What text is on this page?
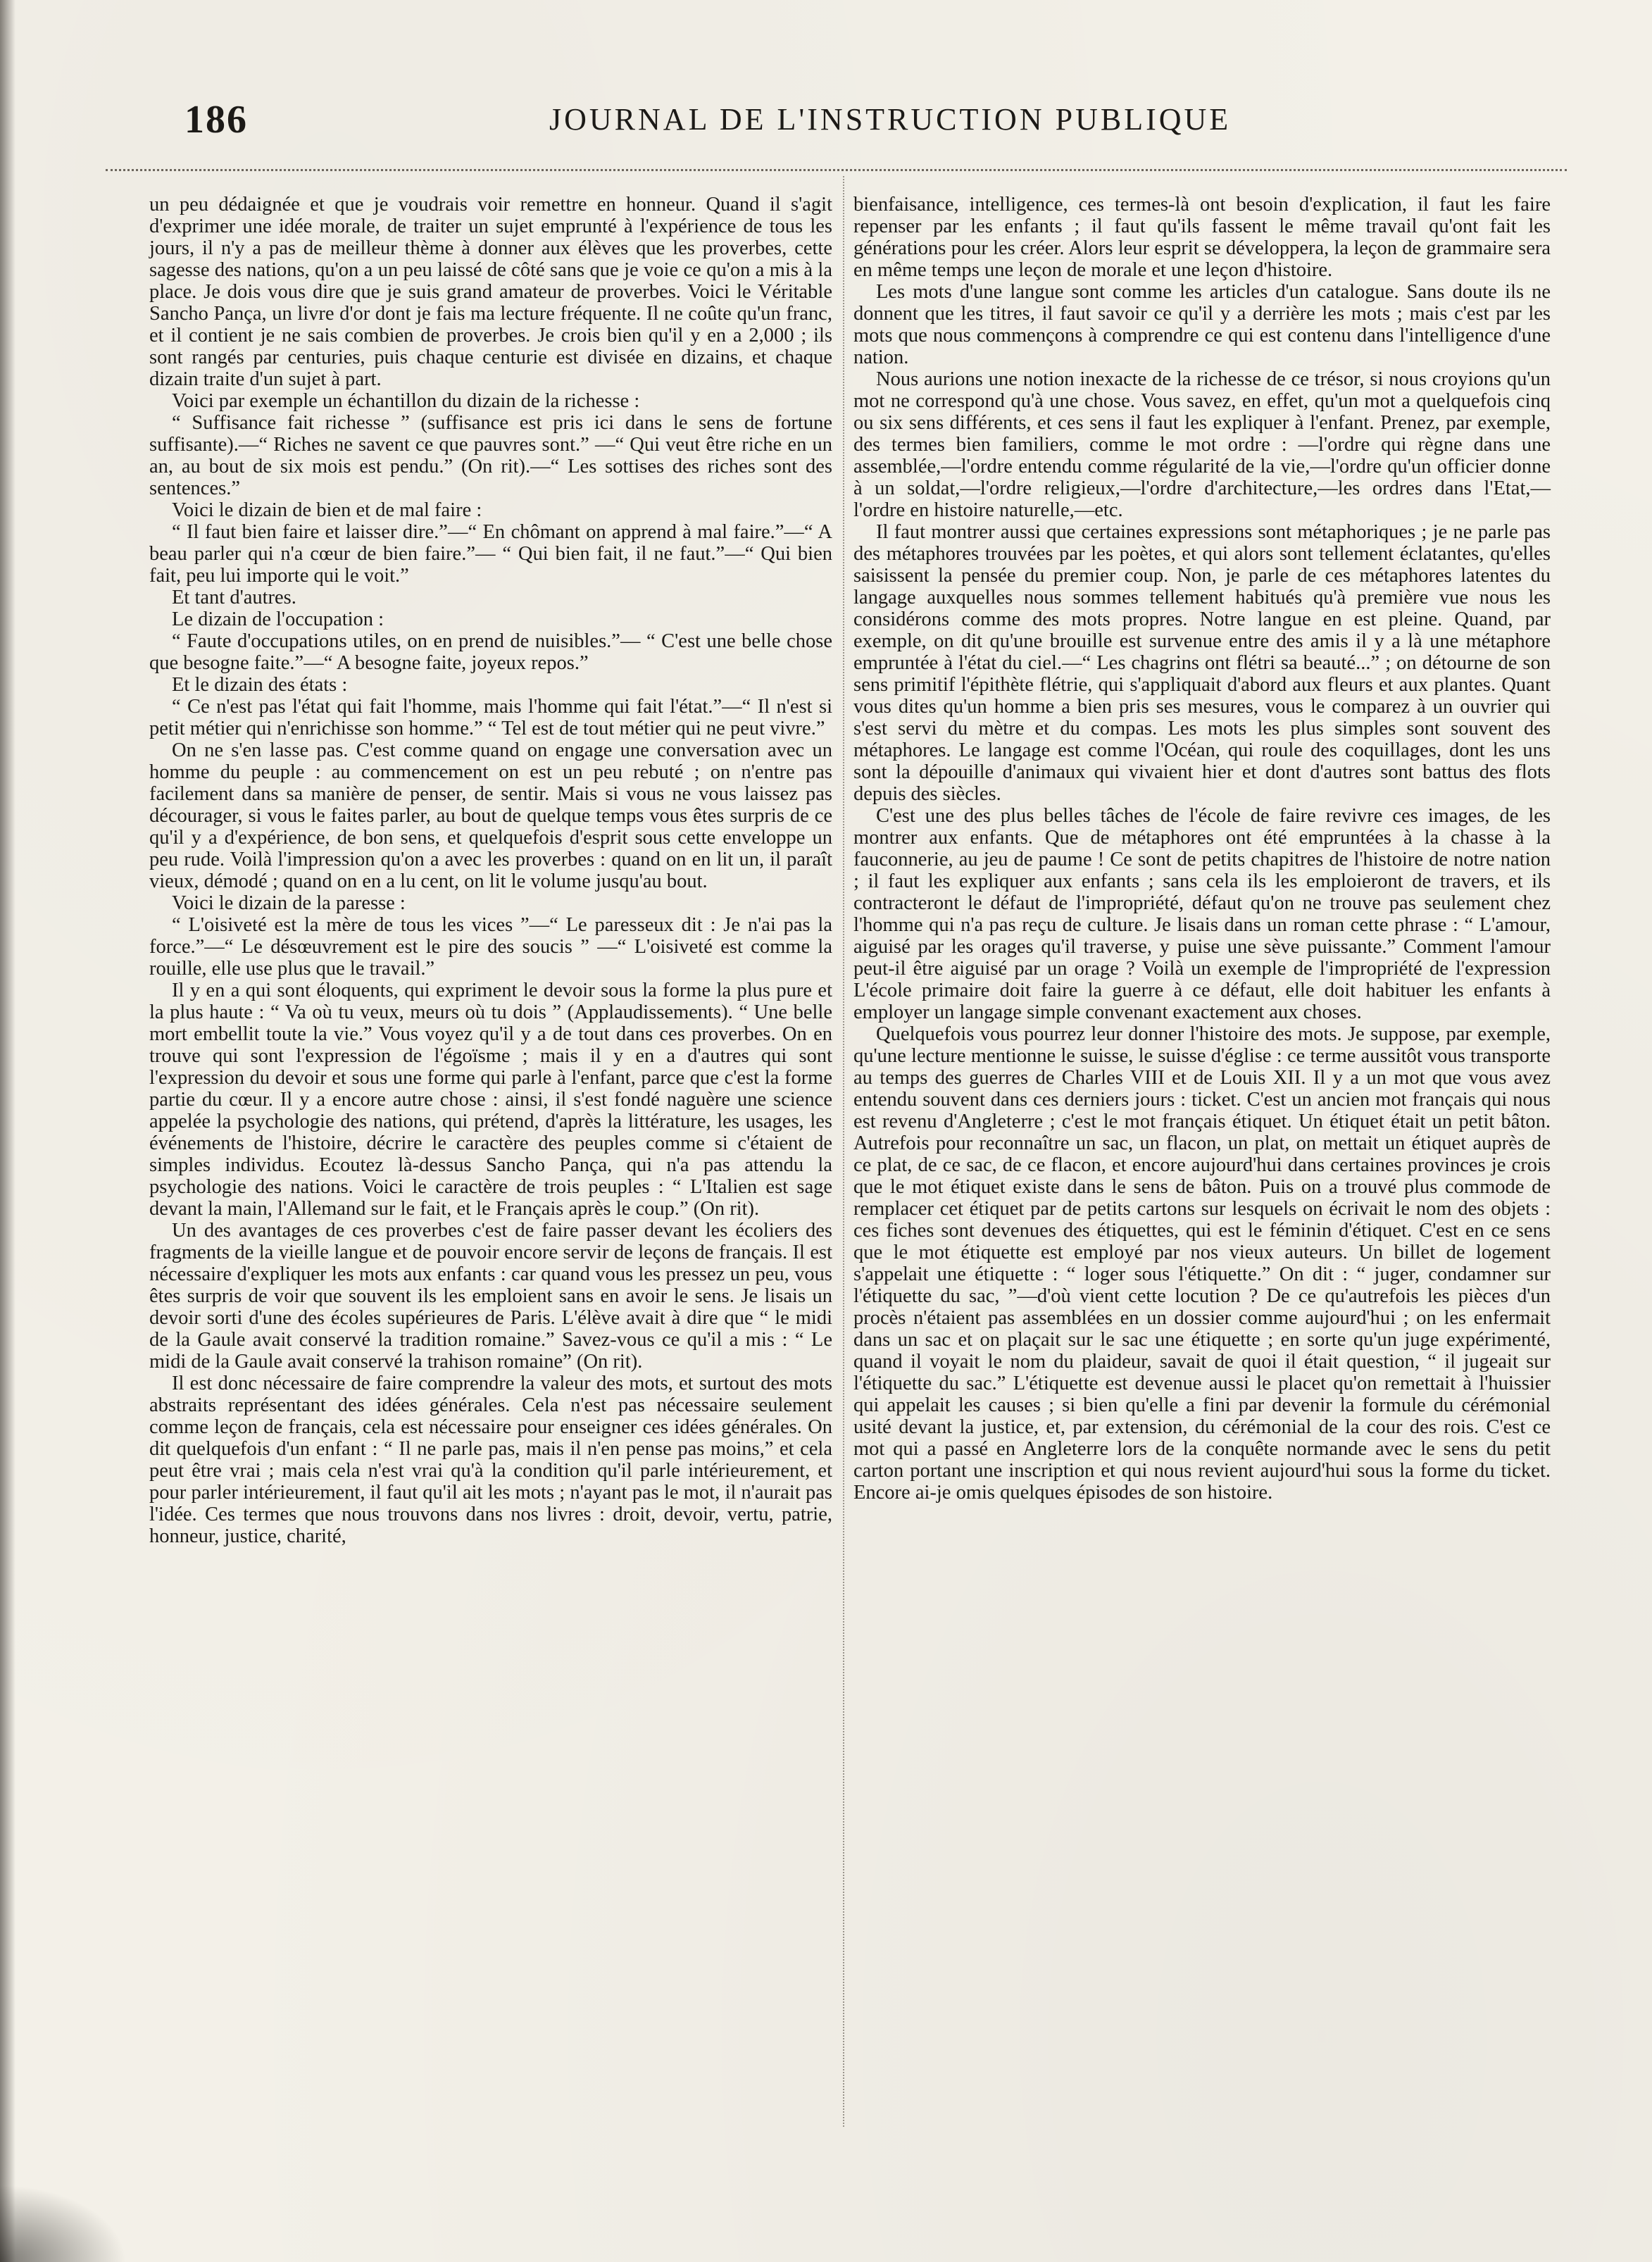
186	JOURNAL DE L'INSTRUCTION PUBLIQUE

un peu dédaignée et que je voudrais voir remettre en honneur. Quand il s'agit d'exprimer une idée morale, de traiter un sujet emprunté à l'expérience de tous les jours, il n'y a pas de meilleur thème à donner aux élèves que les proverbes, cette sagesse des nations, qu'on a un peu laissé de côté sans que je voie ce qu'on a mis à la place. Je dois vous dire que je suis grand amateur de proverbes. Voici le Véritable Sancho Pança, un livre d'or dont je fais ma lecture fréquente. Il ne coûte qu'un franc, et il contient je ne sais combien de proverbes. Je crois bien qu'il y en a 2,000 ; ils sont rangés par centuries, puis chaque centurie est divisée en dizains, et chaque dizain traite d'un sujet à part.

Voici par exemple un échantillon du dizain de la richesse :

“ Suffisance fait richesse ” (suffisance est pris ici dans le sens de fortune suffisante).—“ Riches ne savent ce que pauvres sont.” —“ Qui veut être riche en un an, au bout de six mois est pendu.” (On rit).—“ Les sottises des riches sont des sentences.”

Voici le dizain de bien et de mal faire :

“ Il faut bien faire et laisser dire.”—“ En chômant on apprend à mal faire.”—“ A beau parler qui n'a cœur de bien faire.”— “ Qui bien fait, il ne faut.”—“ Qui bien fait, peu lui importe qui le voit.”

Et tant d'autres.

Le dizain de l'occupation :

“ Faute d'occupations utiles, on en prend de nuisibles.”— “ C'est une belle chose que besogne faite.”—“ A besogne faite, joyeux repos.”

Et le dizain des états :

“ Ce n'est pas l'état qui fait l'homme, mais l'homme qui fait l'état.”—“ Il n'est si petit métier qui n'enrichisse son homme.” “ Tel est de tout métier qui ne peut vivre.”

On ne s'en lasse pas. C'est comme quand on engage une conversation avec un homme du peuple : au commencement on est un peu rebuté ; on n'entre pas facilement dans sa manière de penser, de sentir. Mais si vous ne vous laissez pas décourager, si vous le faites parler, au bout de quelque temps vous êtes surpris de ce qu'il y a d'expérience, de bon sens, et quelquefois d'esprit sous cette enveloppe un peu rude. Voilà l'impression qu'on a avec les proverbes : quand on en lit un, il paraît vieux, démodé ; quand on en a lu cent, on lit le volume jusqu'au bout.

Voici le dizain de la paresse :

“ L'oisiveté est la mère de tous les vices ”—“ Le paresseux dit : Je n'ai pas la force.”—“ Le désœuvrement est le pire des soucis ” —“ L'oisiveté est comme la rouille, elle use plus que le travail.”

Il y en a qui sont éloquents, qui expriment le devoir sous la forme la plus pure et la plus haute : “ Va où tu veux, meurs où tu dois ” (Applaudissements). “ Une belle mort embellit toute la vie.” Vous voyez qu'il y a de tout dans ces proverbes. On en trouve qui sont l'expression de l'égoïsme ; mais il y en a d'autres qui sont l'expression du devoir et sous une forme qui parle à l'enfant, parce que c'est la forme partie du cœur. Il y a encore autre chose : ainsi, il s'est fondé naguère une science appelée la psychologie des nations, qui prétend, d'après la littérature, les usages, les événements de l'histoire, décrire le caractère des peuples comme si c'étaient de simples individus. Ecoutez là-dessus Sancho Pança, qui n'a pas attendu la psychologie des nations. Voici le caractère de trois peuples : “ L'Italien est sage devant la main, l'Allemand sur le fait, et le Français après le coup.” (On rit).

Un des avantages de ces proverbes c'est de faire passer devant les écoliers des fragments de la vieille langue et de pouvoir encore servir de leçons de français. Il est nécessaire d'expliquer les mots aux enfants : car quand vous les pressez un peu, vous êtes surpris de voir que souvent ils les emploient sans en avoir le sens. Je lisais un devoir sorti d'une des écoles supérieures de Paris. L'élève avait à dire que “ le midi de la Gaule avait conservé la tradition romaine.” Savez-vous ce qu'il a mis : “ Le midi de la Gaule avait conservé la trahison romaine” (On rit).

Il est donc nécessaire de faire comprendre la valeur des mots, et surtout des mots abstraits représentant des idées générales. Cela n'est pas nécessaire seulement comme leçon de français, cela est nécessaire pour enseigner ces idées générales. On dit quelquefois d'un enfant : “ Il ne parle pas, mais il n'en pense pas moins,” et cela peut être vrai ; mais cela n'est vrai qu'à la condition qu'il parle intérieurement, et pour parler intérieurement, il faut qu'il ait les mots ; n'ayant pas le mot, il n'aurait pas l'idée. Ces termes que nous trouvons dans nos livres : droit, devoir, vertu, patrie, honneur, justice, charité,

bienfaisance, intelligence, ces termes-là ont besoin d'explication, il faut les faire repenser par les enfants ; il faut qu'ils fassent le même travail qu'ont fait les générations pour les créer. Alors leur esprit se développera, la leçon de grammaire sera en même temps une leçon de morale et une leçon d'histoire.

Les mots d'une langue sont comme les articles d'un catalogue. Sans doute ils ne donnent que les titres, il faut savoir ce qu'il y a derrière les mots ; mais c'est par les mots que nous commençons à comprendre ce qui est contenu dans l'intelligence d'une nation.

Nous aurions une notion inexacte de la richesse de ce trésor, si nous croyions qu'un mot ne correspond qu'à une chose. Vous savez, en effet, qu'un mot a quelquefois cinq ou six sens différents, et ces sens il faut les expliquer à l'enfant. Prenez, par exemple, des termes bien familiers, comme le mot ordre : —l'ordre qui règne dans une assemblée,—l'ordre entendu comme régularité de la vie,—l'ordre qu'un officier donne à un soldat,—l'ordre religieux,—l'ordre d'architecture,—les ordres dans l'Etat,—l'ordre en histoire naturelle,—etc.

Il faut montrer aussi que certaines expressions sont métaphoriques ; je ne parle pas des métaphores trouvées par les poètes, et qui alors sont tellement éclatantes, qu'elles saisissent la pensée du premier coup. Non, je parle de ces métaphores latentes du langage auxquelles nous sommes tellement habitués qu'à première vue nous les considérons comme des mots propres. Notre langue en est pleine. Quand, par exemple, on dit qu'une brouille est survenue entre des amis il y a là une métaphore empruntée à l'état du ciel.—“ Les chagrins ont flétri sa beauté...” ; on détourne de son sens primitif l'épithète flétrie, qui s'appliquait d'abord aux fleurs et aux plantes. Quant vous dites qu'un homme a bien pris ses mesures, vous le comparez à un ouvrier qui s'est servi du mètre et du compas. Les mots les plus simples sont souvent des métaphores. Le langage est comme l'Océan, qui roule des coquillages, dont les uns sont la dépouille d'animaux qui vivaient hier et dont d'autres sont battus des flots depuis des siècles.

C'est une des plus belles tâches de l'école de faire revivre ces images, de les montrer aux enfants. Que de métaphores ont été empruntées à la chasse à la fauconnerie, au jeu de paume ! Ce sont de petits chapitres de l'histoire de notre nation ; il faut les expliquer aux enfants ; sans cela ils les emploieront de travers, et ils contracteront le défaut de l'impropriété, défaut qu'on ne trouve pas seulement chez l'homme qui n'a pas reçu de culture. Je lisais dans un roman cette phrase : “ L'amour, aiguisé par les orages qu'il traverse, y puise une sève puissante.” Comment l'amour peut-il être aiguisé par un orage ? Voilà un exemple de l'impropriété de l'expression L'école primaire doit faire la guerre à ce défaut, elle doit habituer les enfants à employer un langage simple convenant exactement aux choses.

Quelquefois vous pourrez leur donner l'histoire des mots. Je suppose, par exemple, qu'une lecture mentionne le suisse, le suisse d'église : ce terme aussitôt vous transporte au temps des guerres de Charles VIII et de Louis XII. Il y a un mot que vous avez entendu souvent dans ces derniers jours : ticket. C'est un ancien mot français qui nous est revenu d'Angleterre ; c'est le mot français étiquet. Un étiquet était un petit bâton. Autrefois pour reconnaître un sac, un flacon, un plat, on mettait un étiquet auprès de ce plat, de ce sac, de ce flacon, et encore aujourd'hui dans certaines provinces je crois que le mot étiquet existe dans le sens de bâton. Puis on a trouvé plus commode de remplacer cet étiquet par de petits cartons sur lesquels on écrivait le nom des objets : ces fiches sont devenues des étiquettes, qui est le féminin d'étiquet. C'est en ce sens que le mot étiquette est employé par nos vieux auteurs. Un billet de logement s'appelait une étiquette : “ loger sous l'étiquette.” On dit : “ juger, condamner sur l'étiquette du sac, ”—d'où vient cette locution ? De ce qu'autrefois les pièces d'un procès n'étaient pas assemblées en un dossier comme aujourd'hui ; on les enfermait dans un sac et on plaçait sur le sac une étiquette ; en sorte qu'un juge expérimenté, quand il voyait le nom du plaideur, savait de quoi il était question, “ il jugeait sur l'étiquette du sac.” L'étiquette est devenue aussi le placet qu'on remettait à l'huissier qui appelait les causes ; si bien qu'elle a fini par devenir la formule du cérémonial usité devant la justice, et, par extension, du cérémonial de la cour des rois. C'est ce mot qui a passé en Angleterre lors de la conquête normande avec le sens du petit carton portant une inscription et qui nous revient aujourd'hui sous la forme du ticket. Encore ai-je omis quelques épisodes de son histoire.
